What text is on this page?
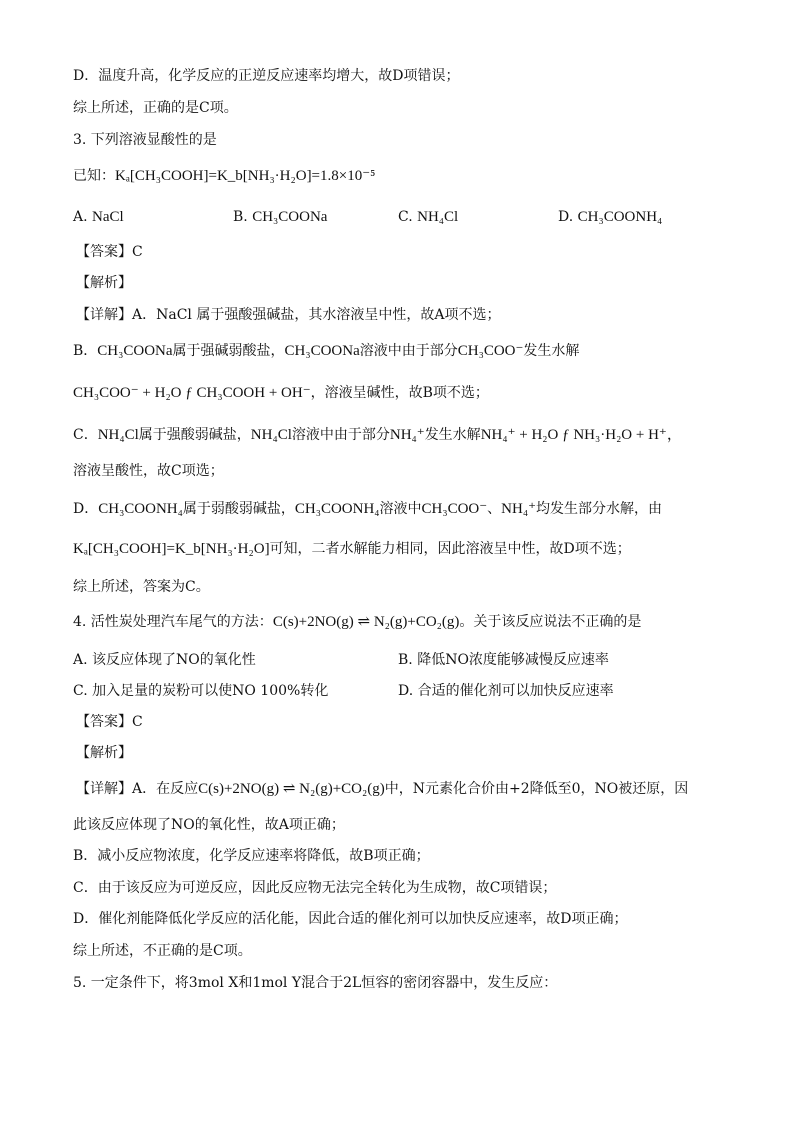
D．温度升高，化学反应的正逆反应速率均增大，故D项错误；
综上所述，正确的是C项。
3. 下列溶液显酸性的是
已知：Kₐ[CH₃COOH]=K_b[NH₃·H₂O]=1.8×10⁻⁵
A. NaCl	B. CH₃COONa	C. NH₄Cl	D. CH₃COONH₄
【答案】C
【解析】
【详解】A．NaCl 属于强酸强碱盐，其水溶液呈中性，故A项不选；
B．CH₃COONa属于强碱弱酸盐，CH₃COONa溶液中由于部分CH₃COO⁻发生水解
CH₃COO⁻ + H₂O ƒ CH₃COOH + OH⁻，溶液呈碱性，故B项不选；
C．NH₄Cl属于强酸弱碱盐，NH₄Cl溶液中由于部分NH₄⁺发生水解NH₄⁺ + H₂O ƒ NH₃·H₂O + H⁺，
溶液呈酸性，故C项选；
D．CH₃COONH₄属于弱酸弱碱盐，CH₃COONH₄溶液中CH₃COO⁻、NH₄⁺均发生部分水解，由
Kₐ[CH₃COOH]=K_b[NH₃·H₂O]可知，二者水解能力相同，因此溶液呈中性，故D项不选；
综上所述，答案为C。
4. 活性炭处理汽车尾气的方法：C(s)+2NO(g) ⇌ N₂(g)+CO₂(g)。关于该反应说法不正确的是
A. 该反应体现了NO的氧化性	B. 降低NO浓度能够减慢反应速率
C. 加入足量的炭粉可以使NO 100%转化	D. 合适的催化剂可以加快反应速率
【答案】C
【解析】
【详解】A．在反应C(s)+2NO(g) ⇌ N₂(g)+CO₂(g)中，N元素化合价由+2降低至0，NO被还原，因
此该反应体现了NO的氧化性，故A项正确；
B．减小反应物浓度，化学反应速率将降低，故B项正确；
C．由于该反应为可逆反应，因此反应物无法完全转化为生成物，故C项错误；
D．催化剂能降低化学反应的活化能，因此合适的催化剂可以加快反应速率，故D项正确；
综上所述，不正确的是C项。
5. 一定条件下，将3mol X和1mol Y混合于2L恒容的密闭容器中，发生反应：
